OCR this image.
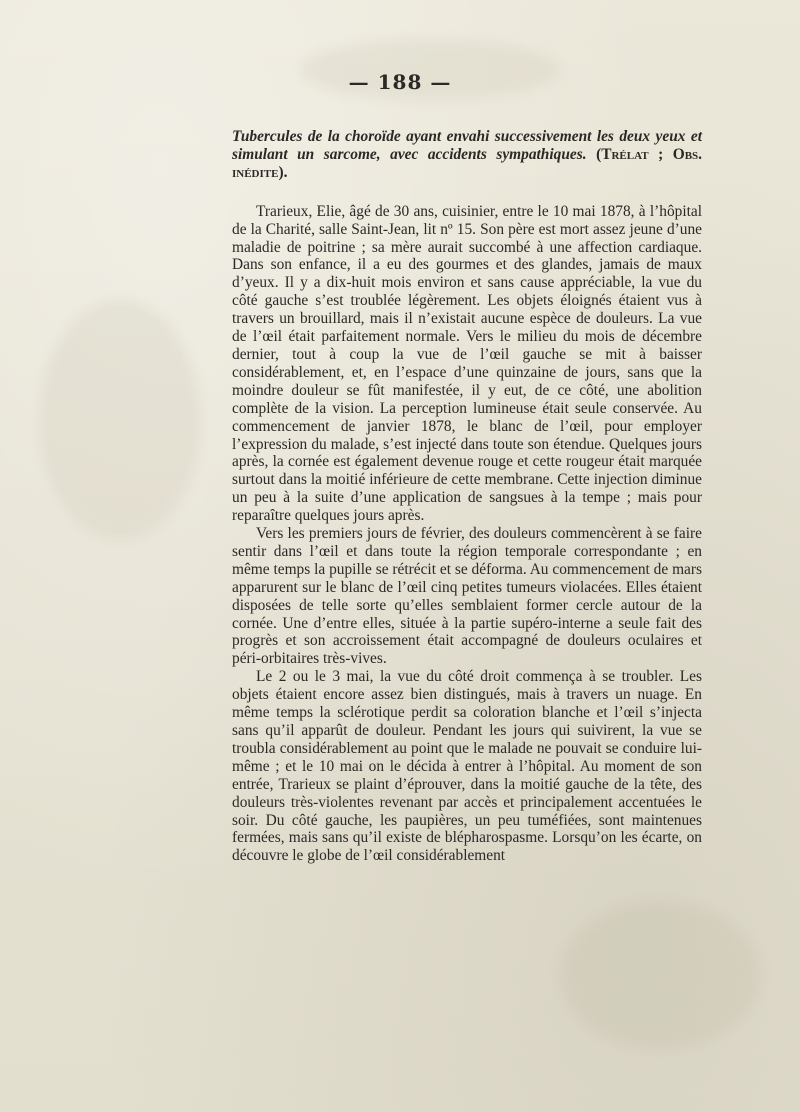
— 188 —

Tubercules de la choroïde ayant envahi successivement les deux yeux et simulant un sarcome, avec accidents sympathiques. (Trélat ; Obs. inédite).

Trarieux, Elie, âgé de 30 ans, cuisinier, entre le 10 mai 1878, à l’hôpital de la Charité, salle Saint-Jean, lit nº 15. Son père est mort assez jeune d’une maladie de poitrine ; sa mère aurait succombé à une affection cardiaque. Dans son enfance, il a eu des gourmes et des glandes, jamais de maux d’yeux. Il y a dix-huit mois environ et sans cause appréciable, la vue du côté gauche s’est troublée légèrement. Les objets éloignés étaient vus à travers un brouillard, mais il n’existait aucune espèce de douleurs. La vue de l’œil était parfaitement normale. Vers le milieu du mois de décembre dernier, tout à coup la vue de l’œil gauche se mit à baisser considérablement, et, en l’espace d’une quinzaine de jours, sans que la moindre douleur se fût manifestée, il y eut, de ce côté, une abolition complète de la vision. La perception lumineuse était seule conservée. Au commencement de janvier 1878, le blanc de l’œil, pour employer l’expression du malade, s’est injecté dans toute son étendue. Quelques jours après, la cornée est également devenue rouge et cette rougeur était marquée surtout dans la moitié inférieure de cette membrane. Cette injection diminue un peu à la suite d’une application de sangsues à la tempe ; mais pour reparaître quelques jours après.

Vers les premiers jours de février, des douleurs commencèrent à se faire sentir dans l’œil et dans toute la région temporale correspondante ; en même temps la pupille se rétrécit et se déforma. Au commencement de mars apparurent sur le blanc de l’œil cinq petites tumeurs violacées. Elles étaient disposées de telle sorte qu’elles semblaient former cercle autour de la cornée. Une d’entre elles, située à la partie supéro-interne a seule fait des progrès et son accroissement était accompagné de douleurs oculaires et péri-orbitaires très-vives.

Le 2 ou le 3 mai, la vue du côté droit commença à se troubler. Les objets étaient encore assez bien distingués, mais à travers un nuage. En même temps la sclérotique perdit sa coloration blanche et l’œil s’injecta sans qu’il apparût de douleur. Pendant les jours qui suivirent, la vue se troubla considérablement au point que le malade ne pouvait se conduire lui-même ; et le 10 mai on le décida à entrer à l’hôpital. Au moment de son entrée, Trarieux se plaint d’éprouver, dans la moitié gauche de la tête, des douleurs très-violentes revenant par accès et principalement accentuées le soir. Du côté gauche, les paupières, un peu tuméfiées, sont maintenues fermées, mais sans qu’il existe de blépharospasme. Lorsqu’on les écarte, on découvre le globe de l’œil considérablement
